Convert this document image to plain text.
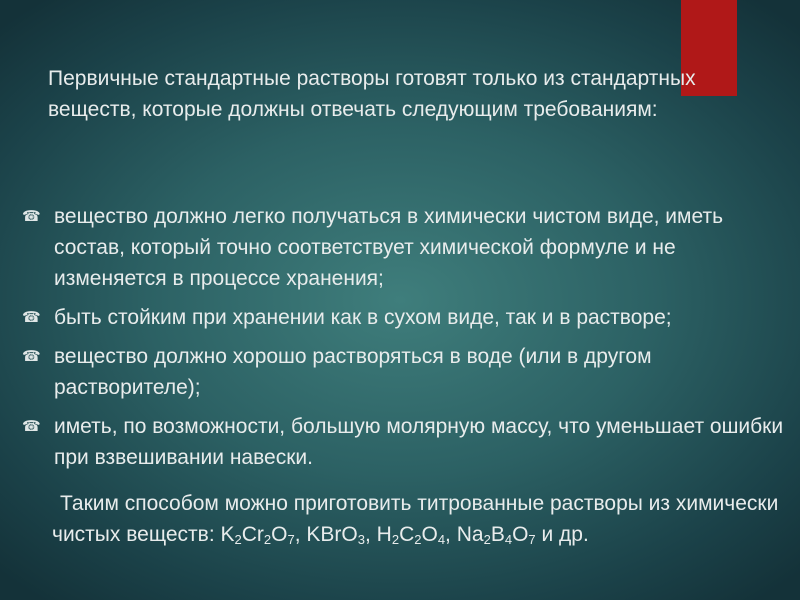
Первичные стандартные растворы готовят только из стандартных веществ, которые должны отвечать следующим требованиям:

☎ вещество должно легко получаться в химически чистом виде, иметь состав, который точно соответствует химической формуле и не изменяется в процессе хранения;
☎ быть стойким при хранении как в сухом виде, так и в растворе;
☎ вещество должно хорошо растворяться в воде (или в другом растворителе);
☎ иметь, по возможности, большую молярную массу, что уменьшает ошибки при взвешивании навески.

Таким способом можно приготовить титрованные растворы из химически чистых веществ: $K_2Cr_2O_7$, KBrO$_3$, $H_2C_2O_4$, $Na_2B_4O_7$ и др.
